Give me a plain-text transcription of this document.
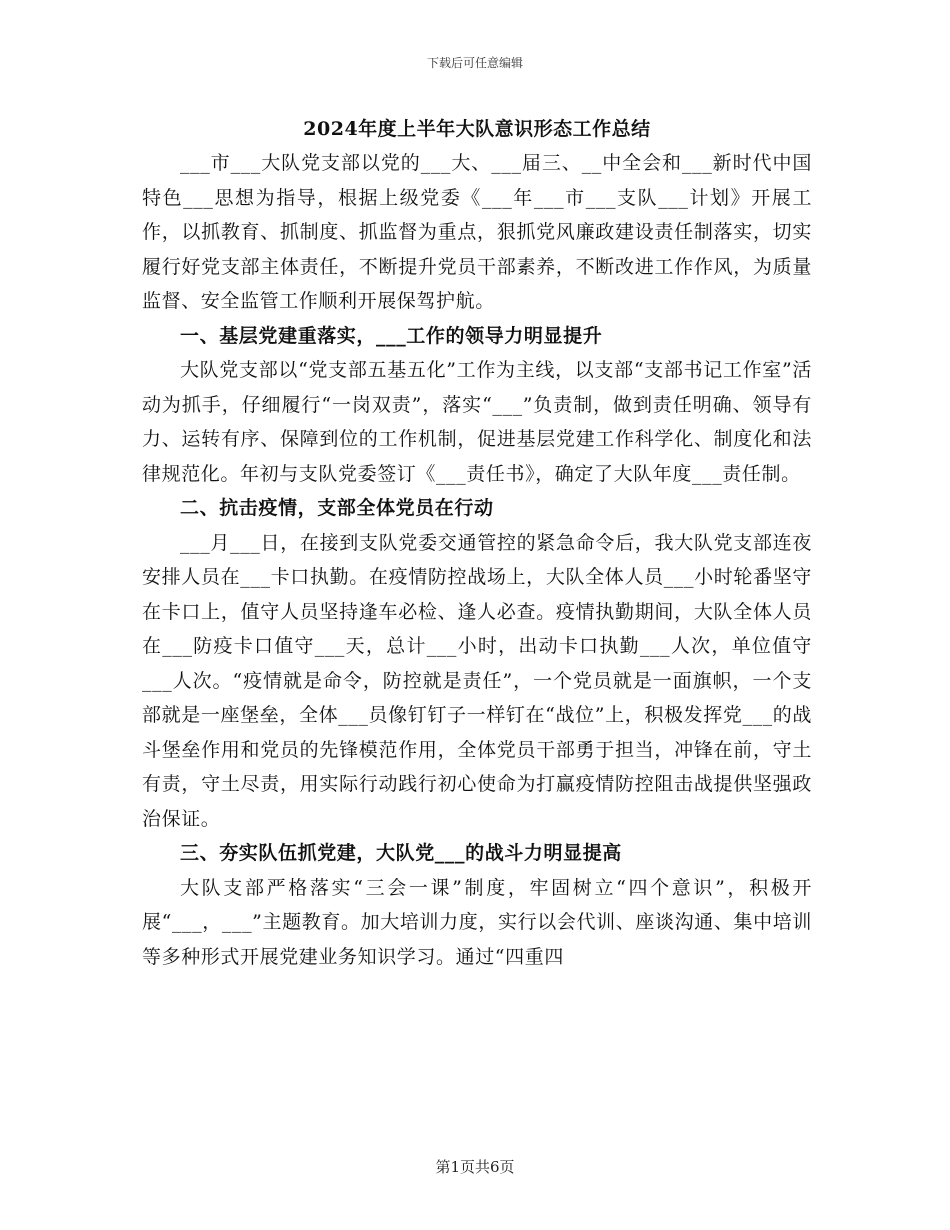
下载后可任意编辑

2024年度上半年大队意识形态工作总结

___市___大队党支部以党的___大、___届三、__中全会和___新时代中国特色___思想为指导，根据上级党委《___年___市___支队___计划》开展工作，以抓教育、抓制度、抓监督为重点，狠抓党风廉政建设责任制落实，切实履行好党支部主体责任，不断提升党员干部素养，不断改进工作作风，为质量监督、安全监管工作顺利开展保驾护航。

一、基层党建重落实，___工作的领导力明显提升

大队党支部以“党支部五基五化”工作为主线，以支部“支部书记工作室”活动为抓手，仔细履行“一岗双责”，落实“___”负责制，做到责任明确、领导有力、运转有序、保障到位的工作机制，促进基层党建工作科学化、制度化和法律规范化。年初与支队党委签订《___责任书》，确定了大队年度___责任制。

二、抗击疫情，支部全体党员在行动

___月___日，在接到支队党委交通管控的紧急命令后，我大队党支部连夜安排人员在___卡口执勤。在疫情防控战场上，大队全体人员___小时轮番坚守在卡口上，值守人员坚持逢车必检、逢人必查。疫情执勤期间，大队全体人员在___防疫卡口值守___天，总计___小时，出动卡口执勤___人次，单位值守___人次。“疫情就是命令，防控就是责任”，一个党员就是一面旗帜，一个支部就是一座堡垒，全体___员像钉钉子一样钉在“战位”上，积极发挥党___的战斗堡垒作用和党员的先锋模范作用，全体党员干部勇于担当，冲锋在前，守土有责，守土尽责，用实际行动践行初心使命为打赢疫情防控阻击战提供坚强政治保证。

三、夯实队伍抓党建，大队党___的战斗力明显提高

大队支部严格落实“三会一课”制度，牢固树立“四个意识”，积极开展“___，___”主题教育。加大培训力度，实行以会代训、座谈沟通、集中培训等多种形式开展党建业务知识学习。通过“四重四

第1页共6页
